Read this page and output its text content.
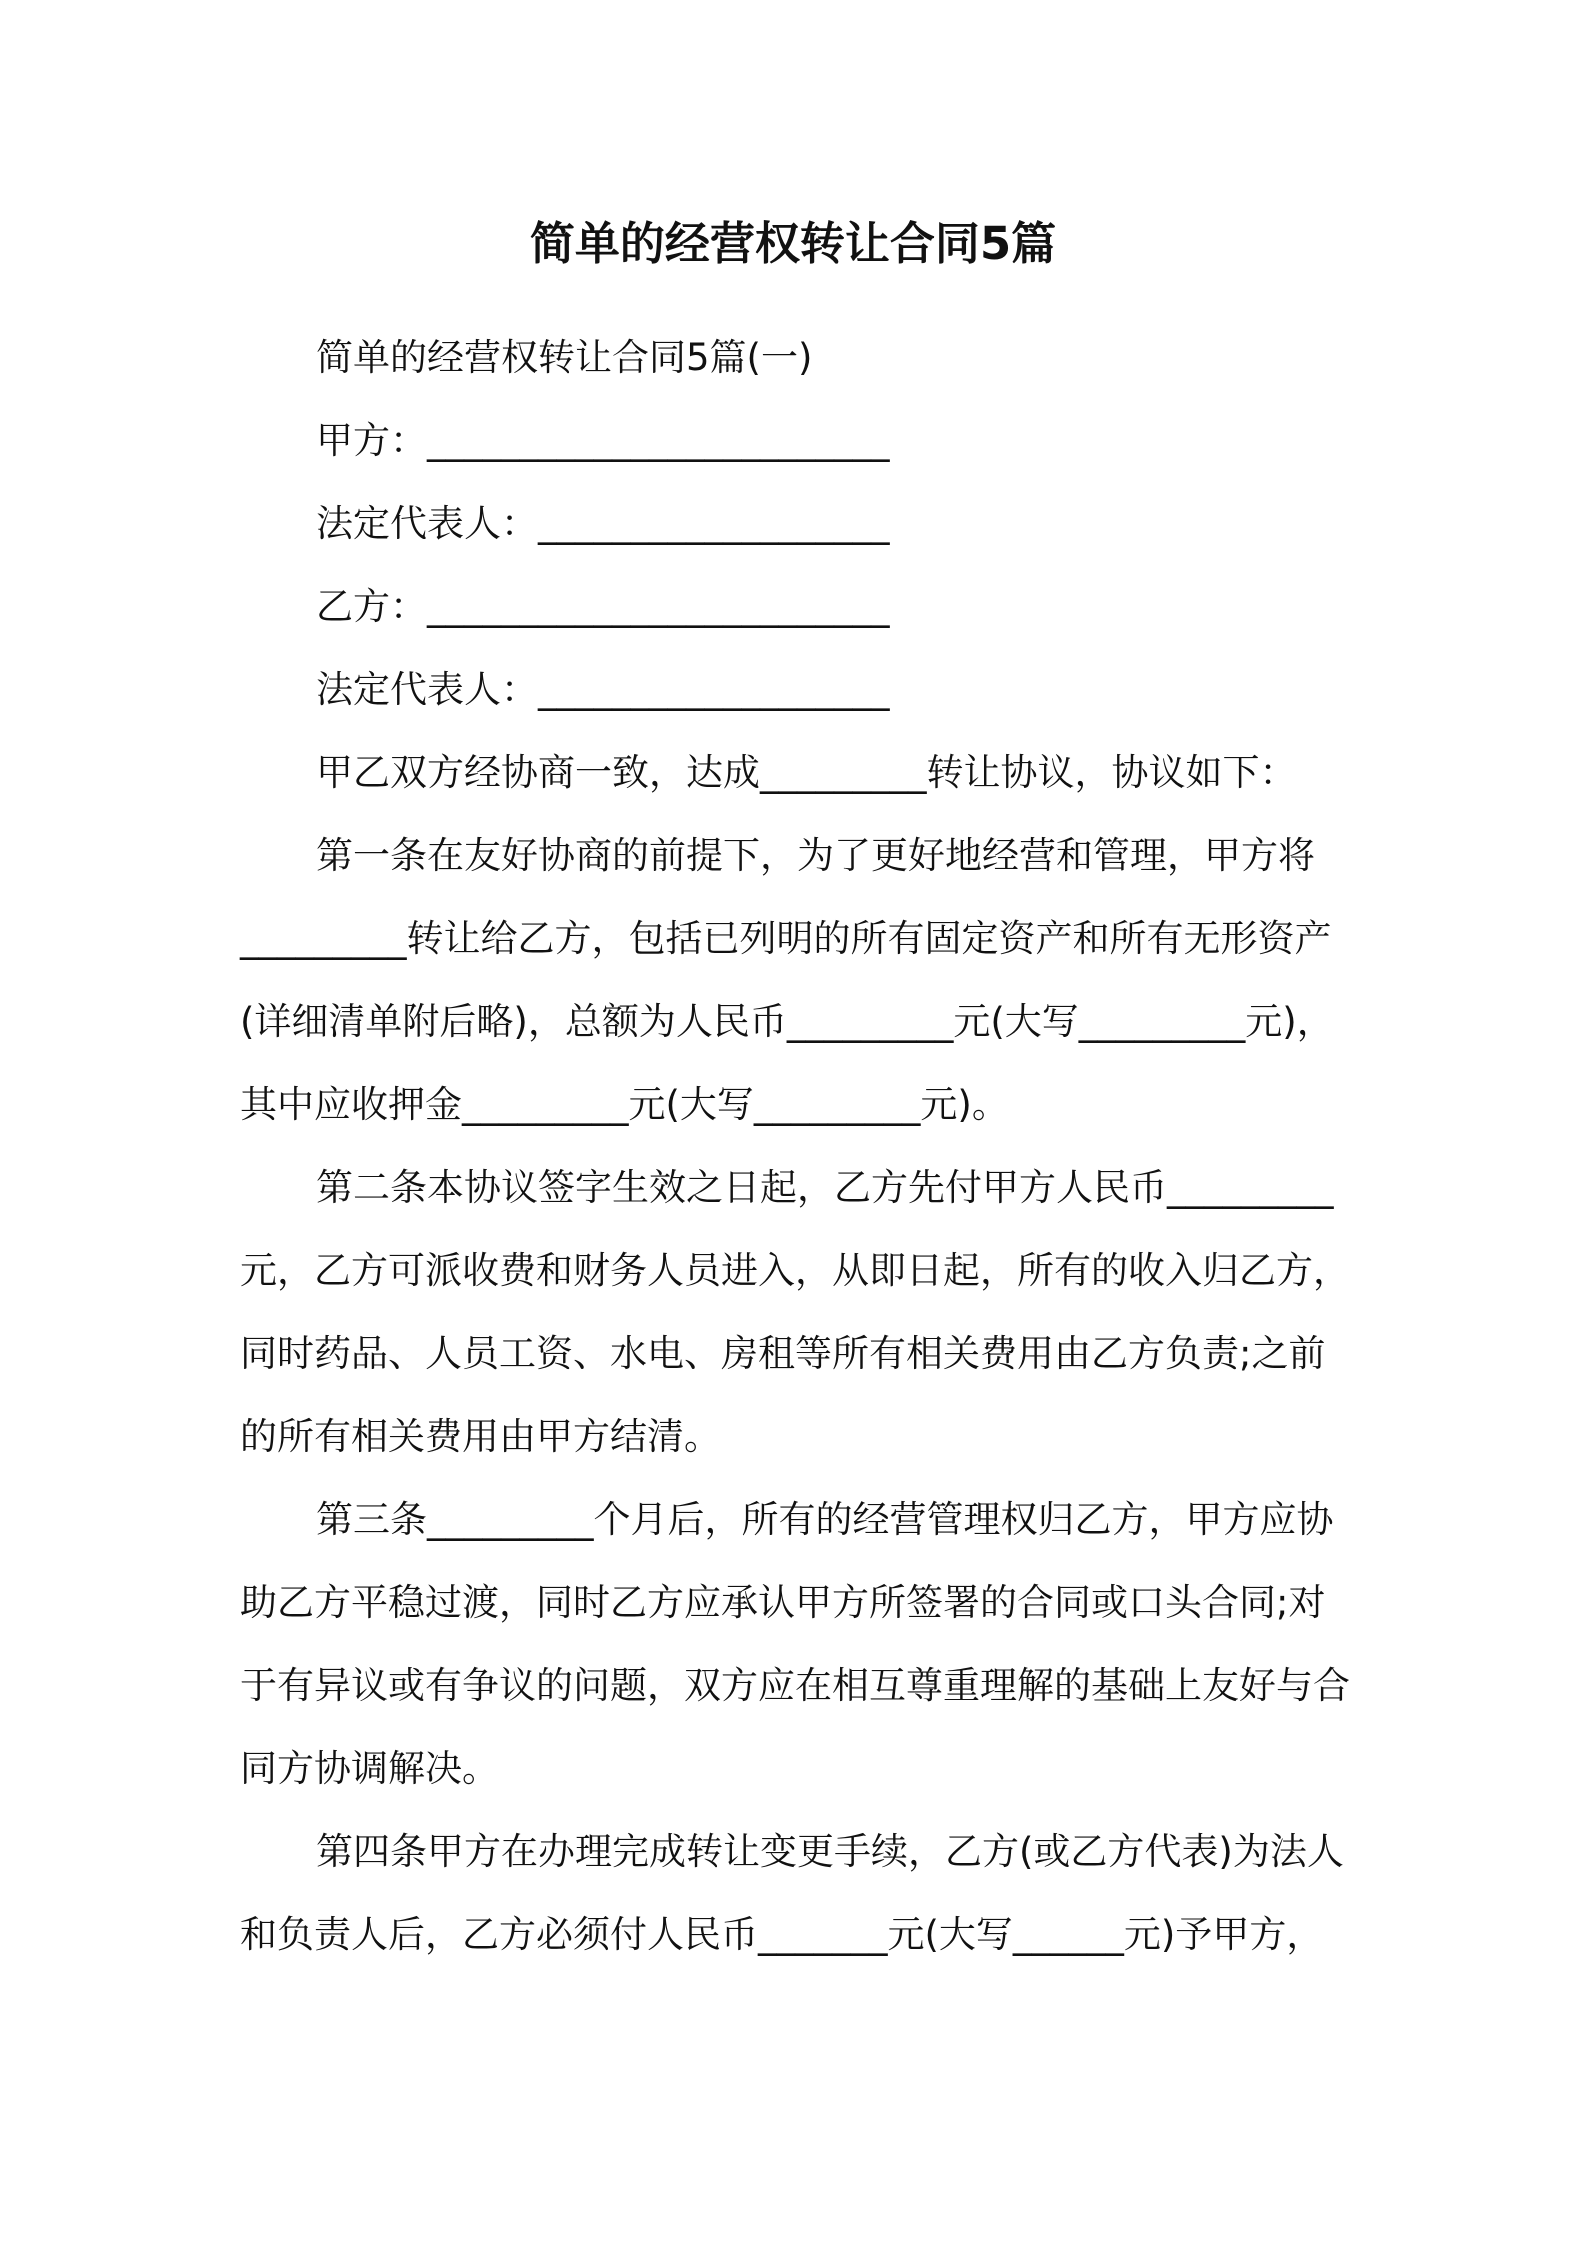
简单的经营权转让合同5篇

简单的经营权转让合同5篇(一)

甲方：_________________________

法定代表人：___________________

乙方：_________________________

法定代表人：___________________

甲乙双方经协商一致，达成_________转让协议，协议如下：

第一条在友好协商的前提下，为了更好地经营和管理，甲方将

_________转让给乙方，包括已列明的所有固定资产和所有无形资产

(详细清单附后略)，总额为人民币_________元(大写_________元)，

其中应收押金_________元(大写_________元)。

第二条本协议签字生效之日起，乙方先付甲方人民币_________

元，乙方可派收费和财务人员进入，从即日起，所有的收入归乙方，

同时药品、人员工资、水电、房租等所有相关费用由乙方负责;之前

的所有相关费用由甲方结清。

第三条_________个月后，所有的经营管理权归乙方，甲方应协

助乙方平稳过渡，同时乙方应承认甲方所签署的合同或口头合同;对

于有异议或有争议的问题，双方应在相互尊重理解的基础上友好与合

同方协调解决。

第四条甲方在办理完成转让变更手续，乙方(或乙方代表)为法人

和负责人后，乙方必须付人民币_______元(大写______元)予甲方，
